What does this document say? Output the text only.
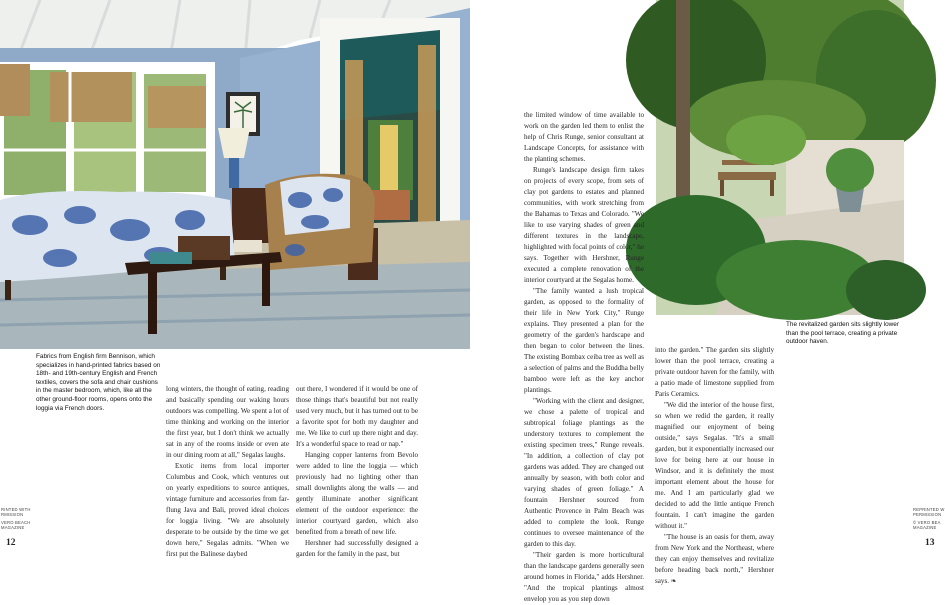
Fabrics from English firm Bennison, which specializes in hand-printed fabrics based on 18th- and 19th-century English and French textiles, covers the sofa and chair cushions in the master bedroom, which, like all the other ground-floor rooms, opens onto the loggia via French doors.

The revitalized garden sits slightly lower than the pool terrace, creating a private outdoor haven.

long winters, the thought of eating, reading and basically spending our waking hours outdoors was compelling. We spent a lot of time thinking and working on the interior the first year, but I don't think we actually sat in any of the rooms inside or even ate in our dining room at all," Segalas laughs.

Exotic items from local importer Columbus and Cook, which ventures out on yearly expeditions to source antiques, vintage furniture and accessories from far-flung Java and Bali, proved ideal choices for loggia living. "We are absolutely desperate to be outside by the time we get down here," Segalas admits. "When we first put the Balinese daybed

out there, I wondered if it would be one of those things that's beautiful but not really used very much, but it has turned out to be a favorite spot for both my daughter and me. We like to curl up there night and day. It's a wonderful space to read or nap."

Hanging copper lanterns from Bevolo were added to line the loggia — which previously had no lighting other than small downlights along the walls — and gently illuminate another significant element of the outdoor experience: the interior courtyard garden, which also benefited from a breath of new life.

Hershner had successfully designed a garden for the family in the past, but

the limited window of time available to work on the garden led them to enlist the help of Chris Runge, senior consultant at Landscape Concepts, for assistance with the planting schemes.

Runge's landscape design firm takes on projects of every scope, from sets of clay pot gardens to estates and planned communities, with work stretching from the Bahamas to Texas and Colorado. "We like to use varying shades of green and different textures in the landscape, highlighted with focal points of color," he says. Together with Hershner, Runge executed a complete renovation of the interior courtyard at the Segalas home.

"The family wanted a lush tropical garden, as opposed to the formality of their life in New York City," Runge explains. They presented a plan for the geometry of the garden's hardscape and then began to color between the lines. The existing Bombax ceiba tree as well as a selection of palms and the Buddha belly bamboo were left as the key anchor plantings.

"Working with the client and designer, we chose a palette of tropical and subtropical foliage plantings as the understory textures to complement the existing specimen trees," Runge reveals. "In addition, a collection of clay pot gardens was added. They are changed out annually by season, with both color and varying shades of green foliage." A fountain Hershner sourced from Authentic Provence in Palm Beach was added to complete the look. Runge continues to oversee maintenance of the garden to this day.

"Their garden is more horticultural than the landscape gardens generally seen around homes in Florida," adds Hershner. "And the tropical plantings almost envelop you as you step down

into the garden." The garden sits slightly lower than the pool terrace, creating a private outdoor haven for the family, with a patio made of limestone supplied from Paris Ceramics.

"We did the interior of the house first, so when we redid the garden, it really magnified our enjoyment of being outside," says Segalas. "It's a small garden, but it exponentially increased our love for being here at our house in Windsor, and it is definitely the most important element about the house for me. And I am particularly glad we decided to add the little antique French fountain. I can't imagine the garden without it."

"The house is an oasis for them, away from New York and the Northeast, where they can enjoy themselves and revitalize before heading back north," Hershner says. ❧

RINTED WITH
RMISSION
VERO BEACH
MAGAZINE
REPRINTED W
PERMISSION
© VERO BEA
MAGAZINE
12	13
